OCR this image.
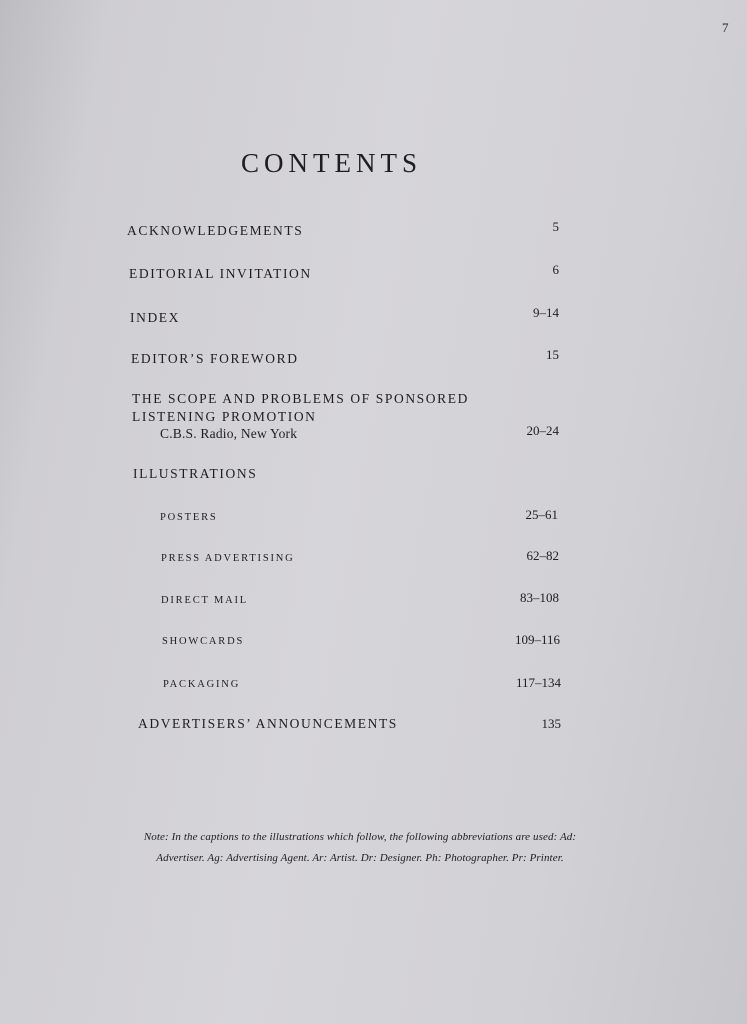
7
CONTENTS
ACKNOWLEDGEMENTS	5
EDITORIAL INVITATION	6
INDEX	9–14
EDITOR’S FOREWORD	15
THE SCOPE AND PROBLEMS OF SPONSORED
LISTENING PROMOTION
C.B.S. Radio, New York	20–24
ILLUSTRATIONS
POSTERS	25–61
PRESS ADVERTISING	62–82
DIRECT MAIL	83–108
SHOWCARDS	109–116
PACKAGING	117–134
ADVERTISERS’ ANNOUNCEMENTS	135
Note: In the captions to the illustrations which follow, the following abbreviations are used: Ad: Advertiser. Ag: Advertising Agent. Ar: Artist. Dr: Designer. Ph: Photographer. Pr: Printer.
